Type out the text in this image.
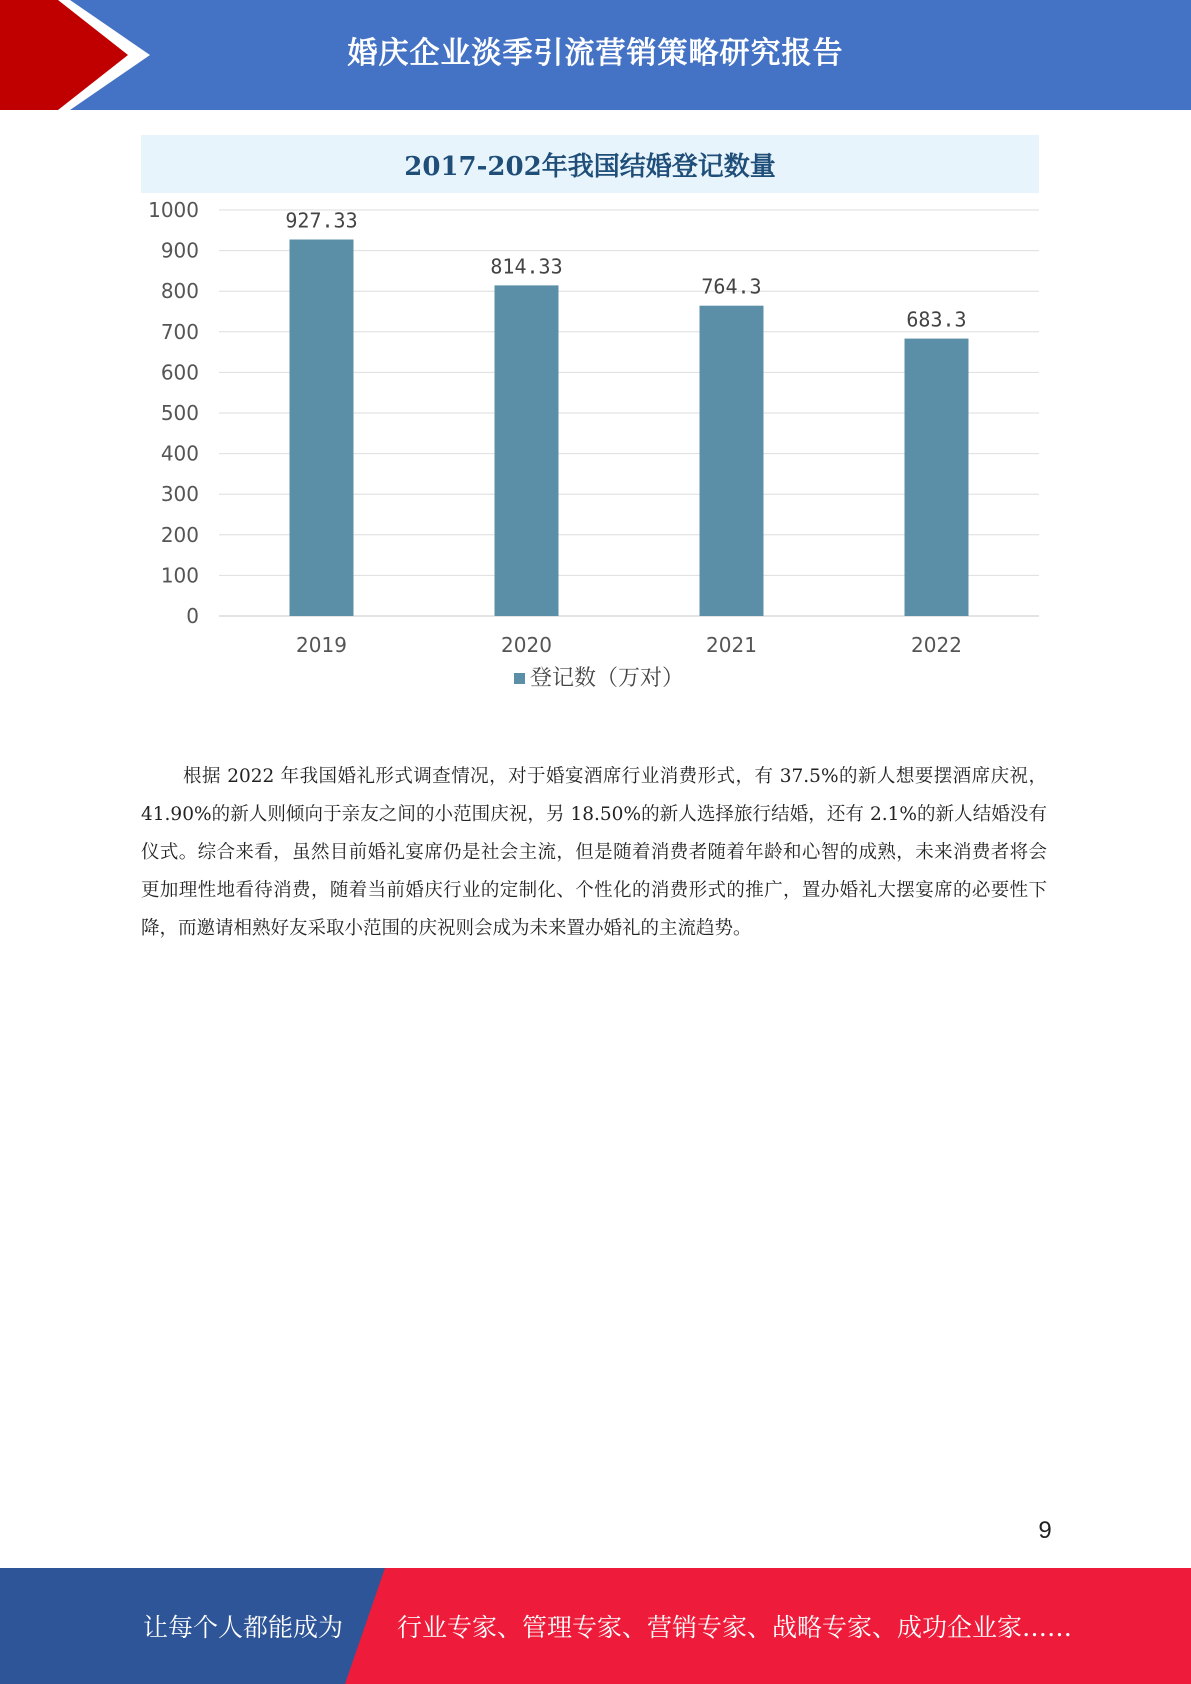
婚庆企业淡季引流营销策略研究报告
2017-202年我国结婚登记数量
0
100
200
300
400
500
600
700
800
900
1000	927.33
2019
814.33
2020
764.3
2021
683.3
2022
登记数（万对）

根据 2022 年我国婚礼形式调查情况，对于婚宴酒席行业消费形式，有 37.5%的新人想要摆酒席庆祝，41.90%的新人则倾向于亲友之间的小范围庆祝，另 18.50%的新人选择旅行结婚，还有 2.1%的新人结婚没有仪式。综合来看，虽然目前婚礼宴席仍是社会主流，但是随着消费者随着年龄和心智的成熟，未来消费者将会更加理性地看待消费，随着当前婚庆行业的定制化、个性化的消费形式的推广，置办婚礼大摆宴席的必要性下降，而邀请相熟好友采取小范围的庆祝则会成为未来置办婚礼的主流趋势。

9
让每个人都能成为 行业专家、管理专家、营销专家、战略专家、成功企业家……
